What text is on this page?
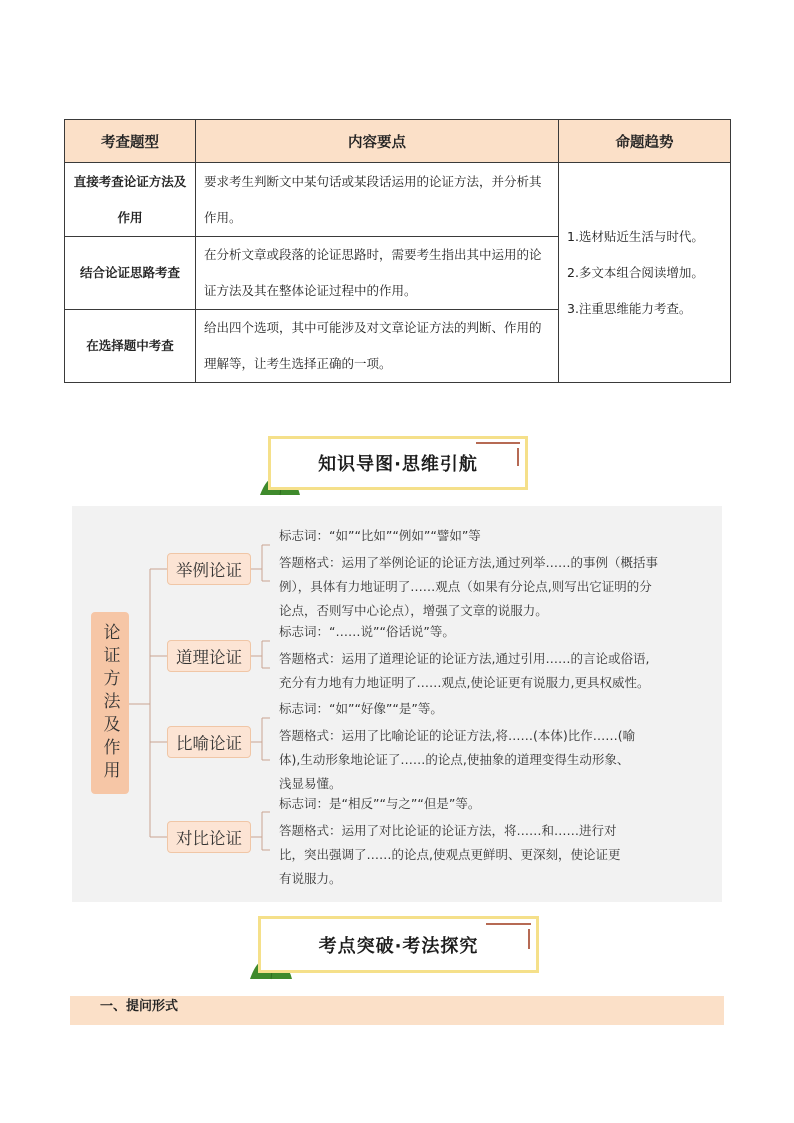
考查题型	内容要点	命题趋势
直接考查论证方法及作用	要求考生判断文中某句话或某段话运用的论证方法，并分析其作用。	1.选材贴近生活与时代。
2.多文本组合阅读增加。
3.注重思维能力考查。

结合论证思路考查	在分析文章或段落的论证思路时，需要考生指出其中运用的论证方法及其在整体论证过程中的作用。	
在选择题中考查	给出四个选项，其中可能涉及对文章论证方法的判断、作用的理解等，让考生选择正确的一项。	
知识导图·思维引航
论证方法及作用
举例论证
道理论证
比喻论证
对比论证
标志词：“如”“比如”“例如”“譬如”等
答题格式：运用了举例论证的论证方法,通过列举……的事例（概括事
例），具体有力地证明了……观点（如果有分论点,则写出它证明的分
论点，否则写中心论点），增强了文章的说服力。
标志词：“……说”“俗话说”等。
答题格式：运用了道理论证的论证方法,通过引用……的言论或俗语,
充分有力地有力地证明了……观点,使论证更有说服力,更具权威性。
标志词：“如”“好像”“是”等。
答题格式：运用了比喻论证的论证方法,将……(本体)比作……(喻
体),生动形象地论证了……的论点,使抽象的道理变得生动形象、
浅显易懂。
标志词：是“相反”“与之”“但是”等。
答题格式：运用了对比论证的论证方法，将……和……进行对
比，突出强调了……的论点,使观点更鲜明、更深刻，使论证更
有说服力。
考点突破·考法探究
一、提问形式
